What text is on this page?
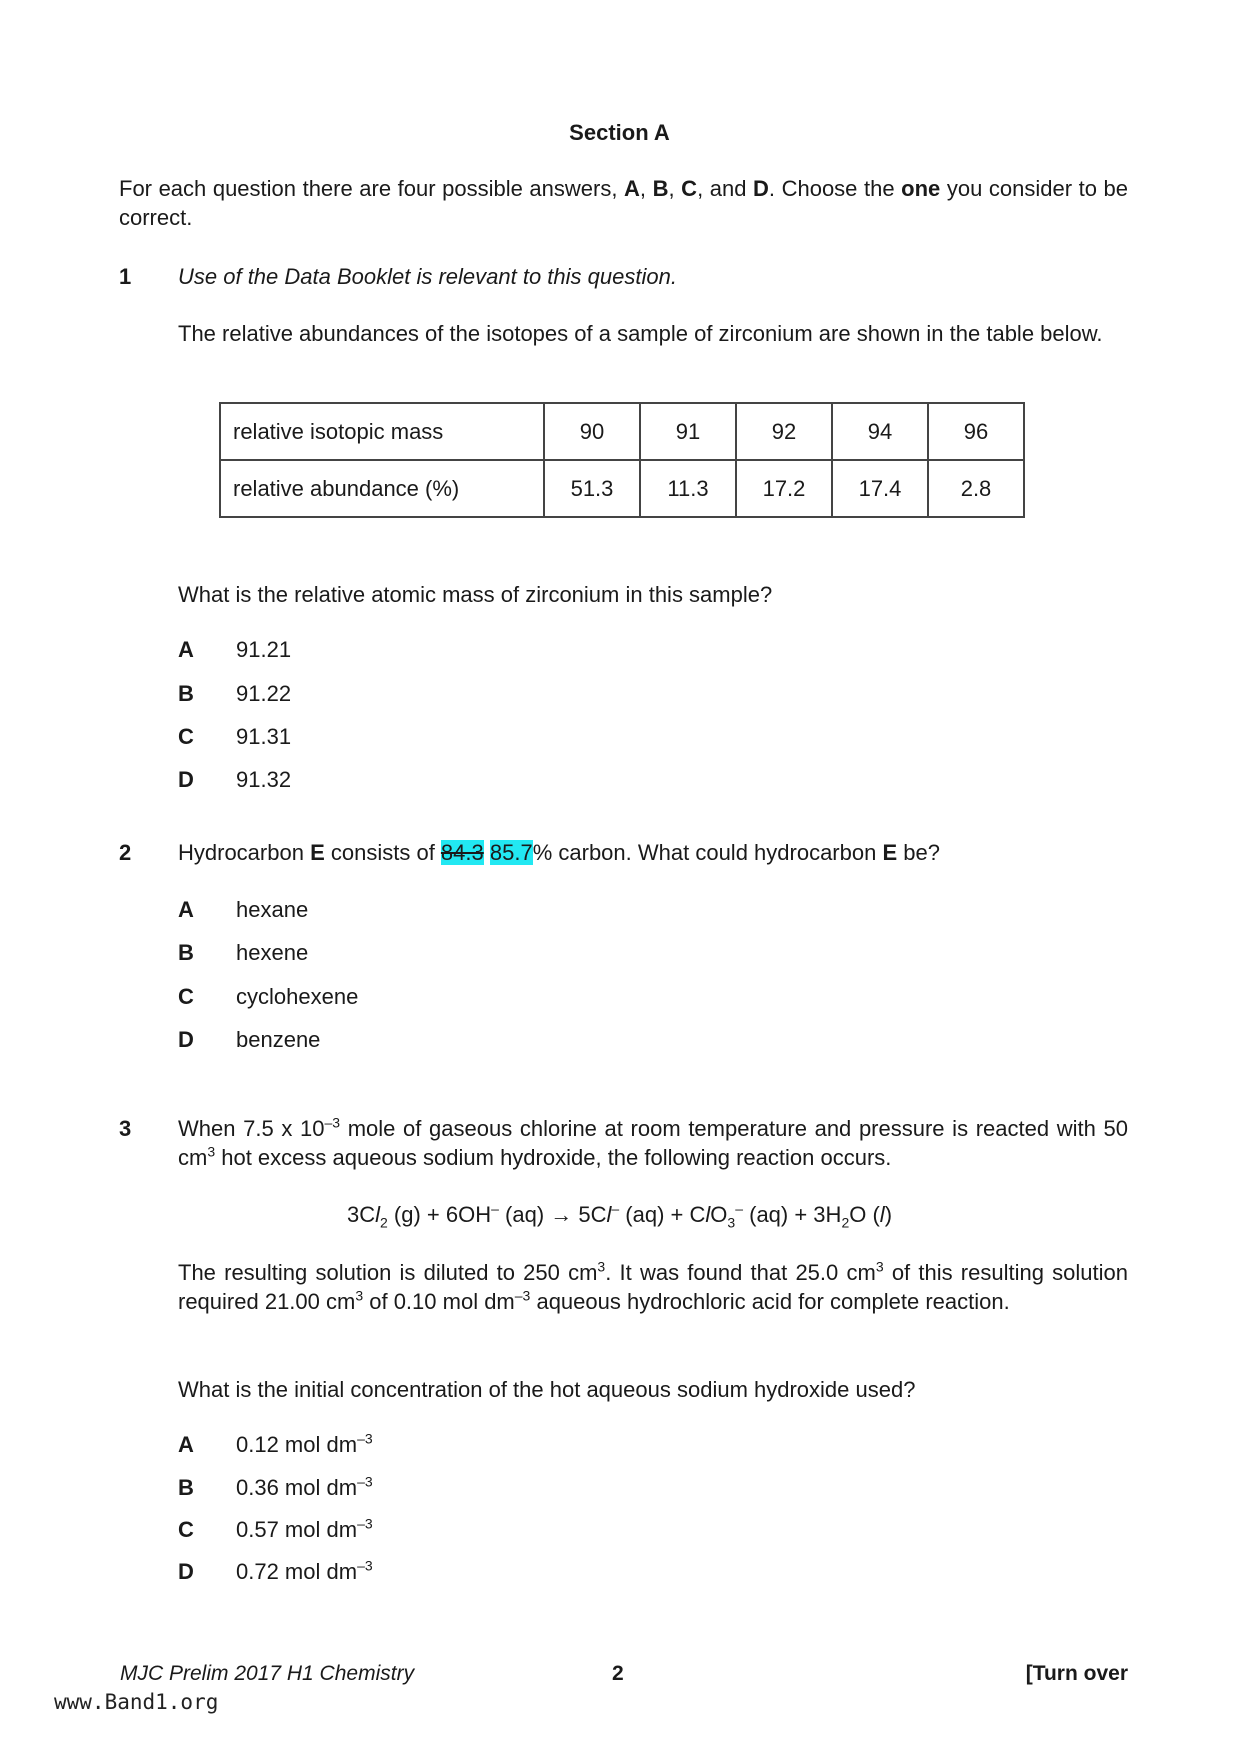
Section A
For each question there are four possible answers, A, B, C, and D. Choose the one you consider to be correct.
1 Use of the Data Booklet is relevant to this question.
The relative abundances of the isotopes of a sample of zirconium are shown in the table below.
relative isotopic mass	90	91	92	94	96
relative abundance (%)	51.3	11.3	17.2	17.4	2.8
What is the relative atomic mass of zirconium in this sample?
A 91.21
B 91.22
C 91.31
D 91.32
2 Hydrocarbon E consists of 84.3 85.7% carbon. What could hydrocarbon E be?
A hexane
B hexene
C cyclohexene
D benzene
3 When 7.5 x $10^{-3}$ mole of gaseous chlorine at room temperature and pressure is reacted with 50 $cm^3$ hot excess aqueous sodium hydroxide, the following reaction occurs.
$3Cl_2$ (g) + 6OH– (aq) → 5Cl– (aq) + ClO$_3$– $(aq) + 3H_2O$ (l)
The resulting solution is diluted to 250 $cm^3$. It was found that 25.0 $cm^3$ of this resulting solution required 21.00 $cm^3$ of 0.10 mol $dm^{-3}$ aqueous hydrochloric acid for complete reaction.
What is the initial concentration of the hot aqueous sodium hydroxide used?
A 0.12 mol $dm^{-3}$
B 0.36 mol $dm^{-3}$
C 0.57 mol $dm^{-3}$
D 0.72 mol $dm^{-3}$
MJC Prelim 2017 H1 Chemistry	2	[Turn over
www.Band1.org
